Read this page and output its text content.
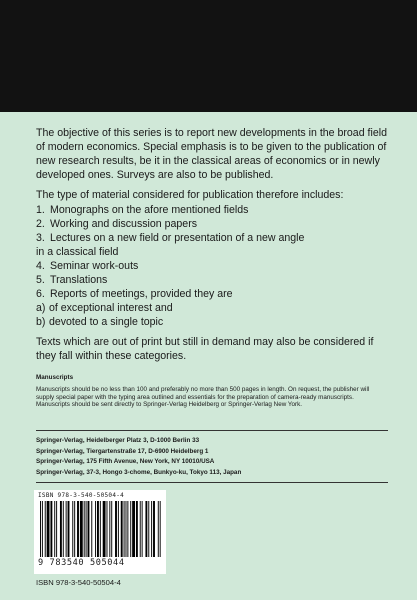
The objective of this series is to report new developments in the broad field of modern economics. Special emphasis is to be given to the publication of new research results, be it in the classical areas of economics or in newly developed ones. Surveys are also to be published.

The type of material considered for publication therefore includes:

1. Monographs on the afore mentioned fields
2. Working and discussion papers
3. Lectures on a new field or presentation of a new angle
in a classical field
4. Seminar work-outs
5. Translations
6. Reports of meetings, provided they are
a) of exceptional interest and
b) devoted to a single topic

Texts which are out of print but still in demand may also be considered if they fall within these categories.

Manuscripts
Manuscripts should be no less than 100 and preferably no more than 500 pages in length. On request, the publisher will supply special paper with the typing area outlined and essentials for the preparation of camera-ready manuscripts. Manuscripts should be sent directly to Springer-Verlag Heidelberg or Springer-Verlag New York.
Springer-Verlag, Heidelberger Platz 3, D-1000 Berlin 33
Springer-Verlag, Tiergartenstraße 17, D-6900 Heidelberg 1
Springer-Verlag, 175 Fifth Avenue, New York, NY 10010/USA
Springer-Verlag, 37-3, Hongo 3-chome, Bunkyo-ku, Tokyo 113, Japan
ISBN 978-3-540-50504-4
9 783540 505044
ISBN 978-3-540-50504-4
